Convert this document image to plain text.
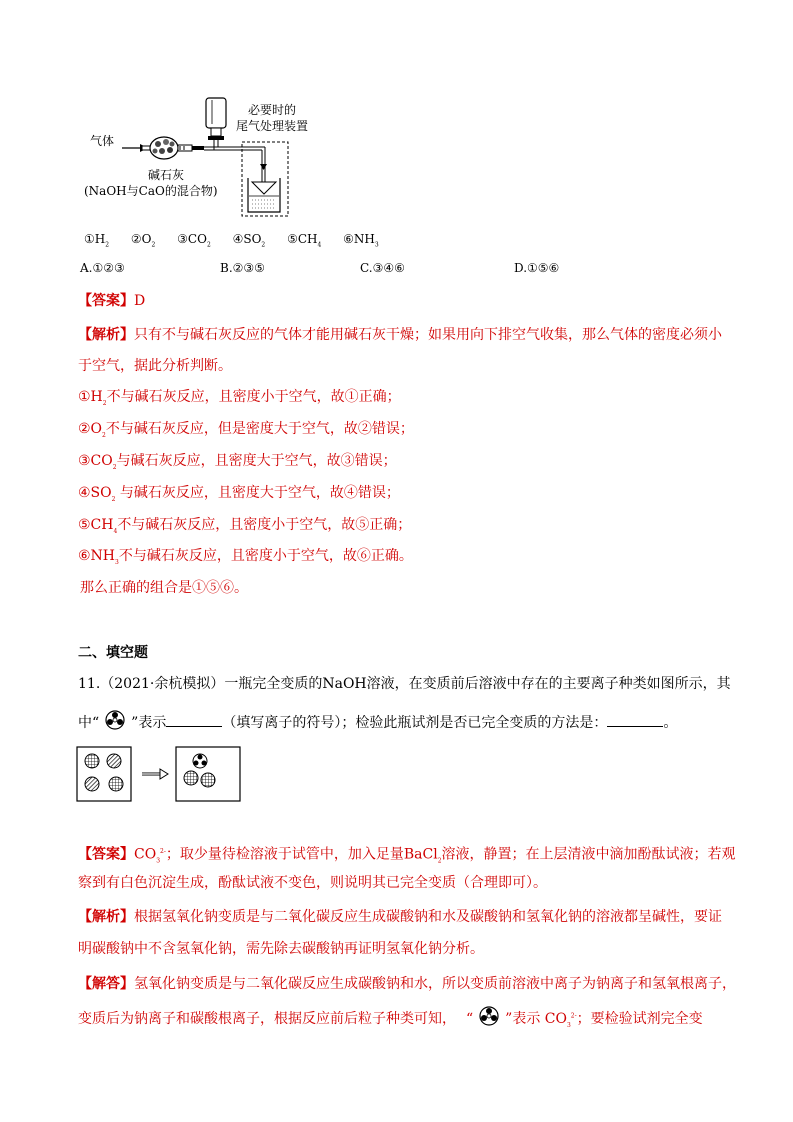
气体
碱石灰
(NaOH与CaO的混合物)
必要时的
尾气处理装置
$①H_2$ $②O_2$ $③CO_2$ $④SO_2$ $⑤CH_4$ $⑥NH_3$
A.①②③	B.②③⑤	C.③④⑥	D.①⑤⑥
【答案】D
【解析】只有不与碱石灰反应的气体才能用碱石灰干燥；如果用向下排空气收集，那么气体的密度必须小
于空气，据此分析判断。
$①H_2$不与碱石灰反应，且密度小于空气，故①正确；
$②O_2$不与碱石灰反应，但是密度大于空气，故②错误；
$③CO_2$与碱石灰反应，且密度大于空气，故③错误；
$④SO_2$ 与碱石灰反应，且密度大于空气，故④错误；
$⑤CH_4$不与碱石灰反应，且密度小于空气，故⑤正确；
$⑥NH_3$不与碱石灰反应，且密度小于空气，故⑥正确。
那么正确的组合是①⑤⑥。
二、填空题
11.（2021·余杭模拟）一瓶完全变质的NaOH溶液，在变质前后溶液中存在的主要离子种类如图所示，其
中“ ”表示	（填写离子的符号）；检验此瓶试剂是否已完全变质的方法是：	。
【答案】$CO_3^{2-}$；取少量待检溶液于试管中，加入足量BaCl$_2$溶液，静置；在上层清液中滴加酚酞试液；若观
察到有白色沉淀生成，酚酞试液不变色，则说明其已完全变质（合理即可）。
【解析】根据氢氧化钠变质是与二氧化碳反应生成碳酸钠和水及碳酸钠和氢氧化钠的溶液都呈碱性，要证
明碳酸钠中不含氢氧化钠，需先除去碳酸钠再证明氢氧化钠分析。
【解答】氢氧化钠变质是与二氧化碳反应生成碳酸钠和水，所以变质前溶液中离子为钠离子和氢氧根离子，
变质后为钠离子和碳酸根离子，根据反应前后粒子种类可知， “ ”表示 $CO_3^{2-}$；要检验试剂完全变
